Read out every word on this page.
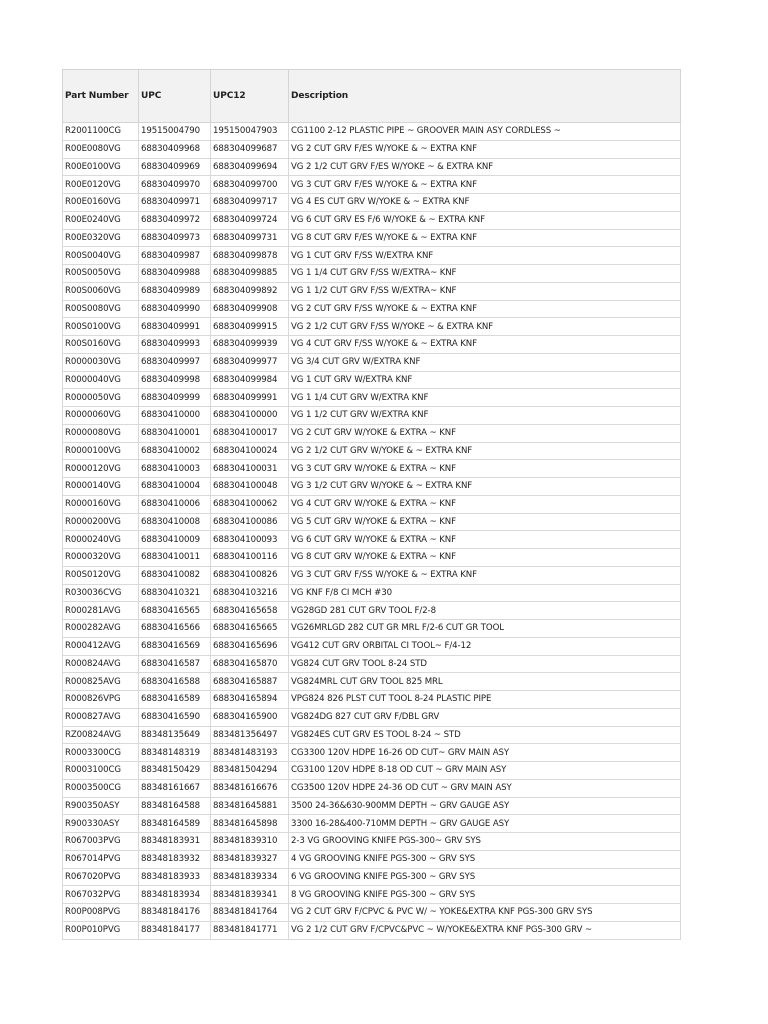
Part Number	UPC	UPC12	Description
R2001100CG	19515004790	195150047903	CG1100 2-12 PLASTIC PIPE ~ GROOVER MAIN ASY CORDLESS ~
R00E0080VG	68830409968	688304099687	VG 2 CUT GRV F/ES W/YOKE & ~ EXTRA KNF
R00E0100VG	68830409969	688304099694	VG 2 1/2 CUT GRV F/ES W/YOKE ~ & EXTRA KNF
R00E0120VG	68830409970	688304099700	VG 3 CUT GRV F/ES W/YOKE & ~ EXTRA KNF
R00E0160VG	68830409971	688304099717	VG 4 ES CUT GRV W/YOKE & ~ EXTRA KNF
R00E0240VG	68830409972	688304099724	VG 6 CUT GRV ES F/6 W/YOKE & ~ EXTRA KNF
R00E0320VG	68830409973	688304099731	VG 8 CUT GRV F/ES W/YOKE & ~ EXTRA KNF
R00S0040VG	68830409987	688304099878	VG 1 CUT GRV F/SS W/EXTRA KNF
R00S0050VG	68830409988	688304099885	VG 1 1/4 CUT GRV F/SS W/EXTRA~ KNF
R00S0060VG	68830409989	688304099892	VG 1 1/2 CUT GRV F/SS W/EXTRA~ KNF
R00S0080VG	68830409990	688304099908	VG 2 CUT GRV F/SS W/YOKE & ~ EXTRA KNF
R00S0100VG	68830409991	688304099915	VG 2 1/2 CUT GRV F/SS W/YOKE ~ & EXTRA KNF
R00S0160VG	68830409993	688304099939	VG 4 CUT GRV F/SS W/YOKE & ~ EXTRA KNF
R0000030VG	68830409997	688304099977	VG 3/4 CUT GRV W/EXTRA KNF
R0000040VG	68830409998	688304099984	VG 1 CUT GRV W/EXTRA KNF
R0000050VG	68830409999	688304099991	VG 1 1/4 CUT GRV W/EXTRA KNF
R0000060VG	68830410000	688304100000	VG 1 1/2 CUT GRV W/EXTRA KNF
R0000080VG	68830410001	688304100017	VG 2 CUT GRV W/YOKE & EXTRA ~ KNF
R0000100VG	68830410002	688304100024	VG 2 1/2 CUT GRV W/YOKE & ~ EXTRA KNF
R0000120VG	68830410003	688304100031	VG 3 CUT GRV W/YOKE & EXTRA ~ KNF
R0000140VG	68830410004	688304100048	VG 3 1/2 CUT GRV W/YOKE & ~ EXTRA KNF
R0000160VG	68830410006	688304100062	VG 4 CUT GRV W/YOKE & EXTRA ~ KNF
R0000200VG	68830410008	688304100086	VG 5 CUT GRV W/YOKE & EXTRA ~ KNF
R0000240VG	68830410009	688304100093	VG 6 CUT GRV W/YOKE & EXTRA ~ KNF
R0000320VG	68830410011	688304100116	VG 8 CUT GRV W/YOKE & EXTRA ~ KNF
R00S0120VG	68830410082	688304100826	VG 3 CUT GRV F/SS W/YOKE & ~ EXTRA KNF
R030036CVG	68830410321	688304103216	VG KNF F/8 CI MCH #30
R000281AVG	68830416565	688304165658	VG28GD 281 CUT GRV TOOL F/2-8
R000282AVG	68830416566	688304165665	VG26MRLGD 282 CUT GR MRL F/2-6 CUT GR TOOL
R000412AVG	68830416569	688304165696	VG412 CUT GRV ORBITAL CI TOOL~ F/4-12
R000824AVG	68830416587	688304165870	VG824 CUT GRV TOOL 8-24 STD
R000825AVG	68830416588	688304165887	VG824MRL CUT GRV TOOL 825 MRL
R000826VPG	68830416589	688304165894	VPG824 826 PLST CUT TOOL 8-24 PLASTIC PIPE
R000827AVG	68830416590	688304165900	VG824DG 827 CUT GRV F/DBL GRV
RZ00824AVG	88348135649	883481356497	VG824ES CUT GRV ES TOOL 8-24 ~ STD
R0003300CG	88348148319	883481483193	CG3300 120V HDPE 16-26 OD CUT~ GRV MAIN ASY
R0003100CG	88348150429	883481504294	CG3100 120V HDPE 8-18 OD CUT ~ GRV MAIN ASY
R0003500CG	88348161667	883481616676	CG3500 120V HDPE 24-36 OD CUT ~ GRV MAIN ASY
R900350ASY	88348164588	883481645881	3500 24-36&630-900MM DEPTH ~ GRV GAUGE ASY
R900330ASY	88348164589	883481645898	3300 16-28&400-710MM DEPTH ~ GRV GAUGE ASY
R067003PVG	88348183931	883481839310	2-3 VG GROOVING KNIFE PGS-300~ GRV SYS
R067014PVG	88348183932	883481839327	4 VG GROOVING KNIFE PGS-300 ~ GRV SYS
R067020PVG	88348183933	883481839334	6 VG GROOVING KNIFE PGS-300 ~ GRV SYS
R067032PVG	88348183934	883481839341	8 VG GROOVING KNIFE PGS-300 ~ GRV SYS
R00P008PVG	88348184176	883481841764	VG 2 CUT GRV F/CPVC & PVC W/ ~ YOKE&EXTRA KNF PGS-300 GRV SYS
R00P010PVG	88348184177	883481841771	VG 2 1/2 CUT GRV F/CPVC&PVC ~ W/YOKE&EXTRA KNF PGS-300 GRV ~
